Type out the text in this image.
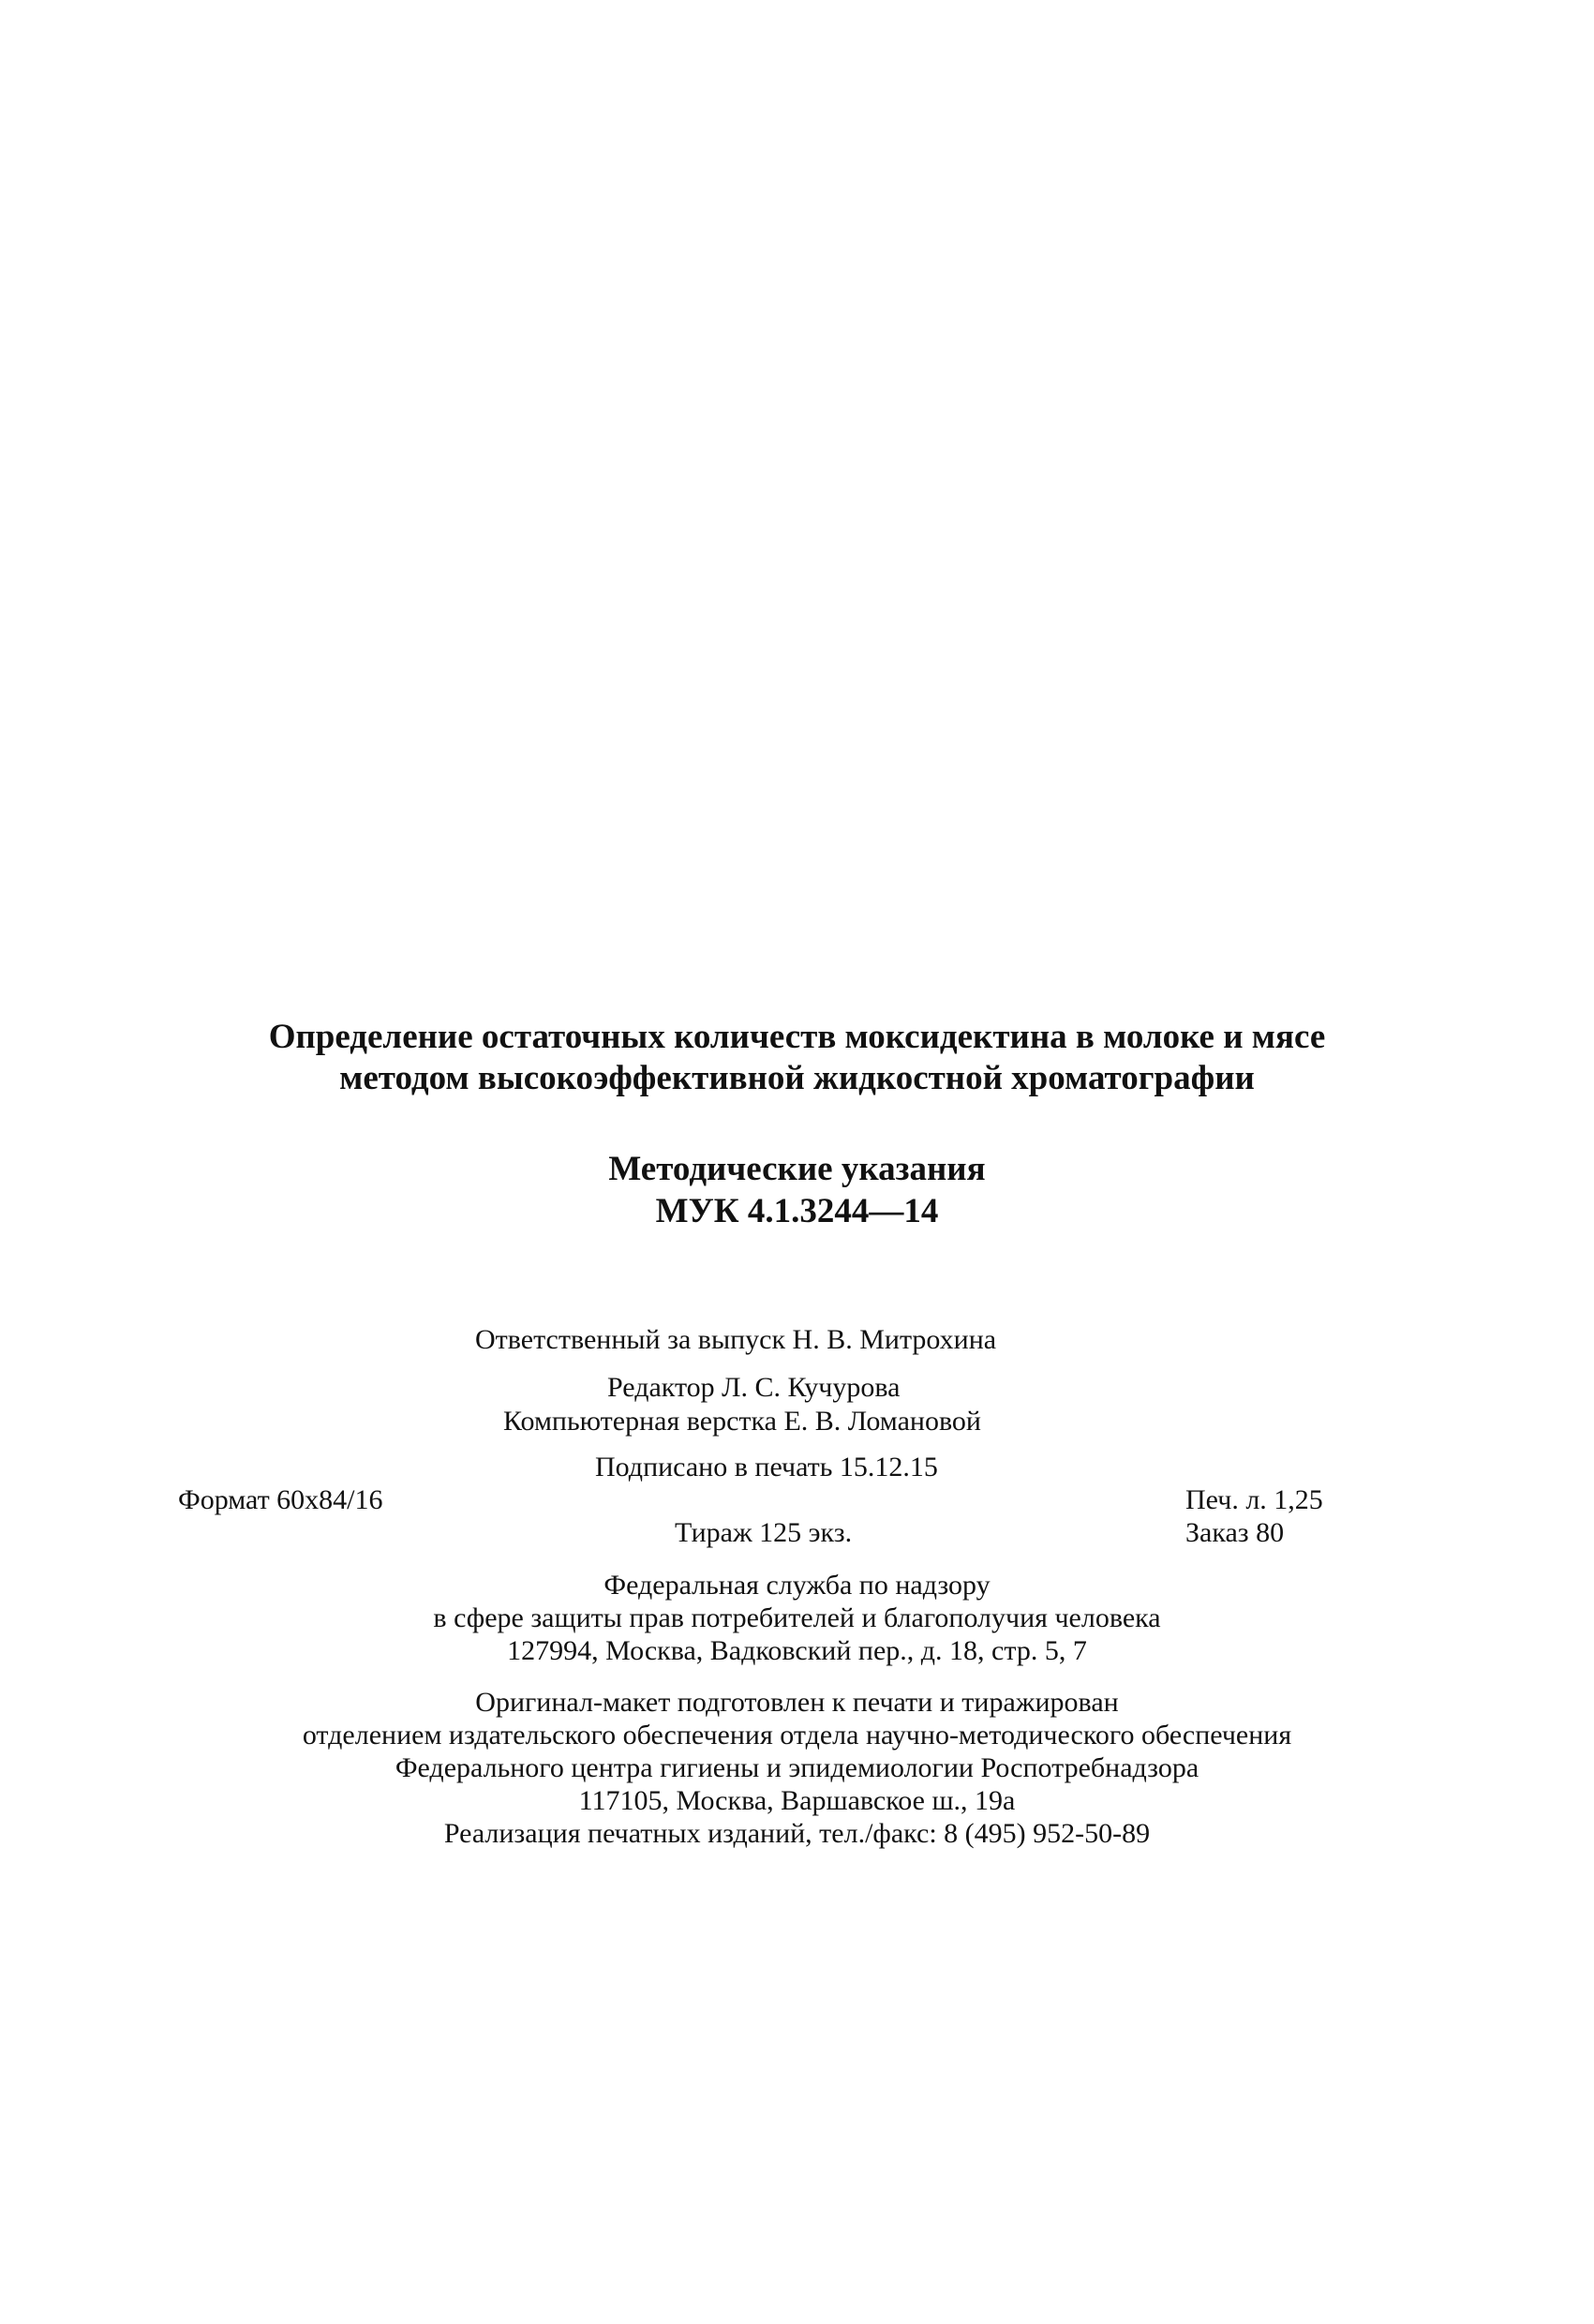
Определение остаточных количеств моксидектина в молоке и мясе
методом высокоэффективной жидкостной хроматографии
Методические указания
МУК 4.1.3244—14
Ответственный за выпуск Н. В. Митрохина
Редактор Л. С. Кучурова
Компьютерная верстка Е. В. Ломановой
Подписано в печать 15.12.15
Формат 60x84/16	Печ. л. 1,25
Тираж 125 экз.	Заказ 80
Федеральная служба по надзору
в сфере защиты прав потребителей и благополучия человека
127994, Москва, Вадковский пер., д. 18, стр. 5, 7
Оригинал-макет подготовлен к печати и тиражирован
отделением издательского обеспечения отдела научно-методического обеспечения
Федерального центра гигиены и эпидемиологии Роспотребнадзора
117105, Москва, Варшавское ш., 19а
Реализация печатных изданий, тел./факс: 8 (495) 952-50-89
